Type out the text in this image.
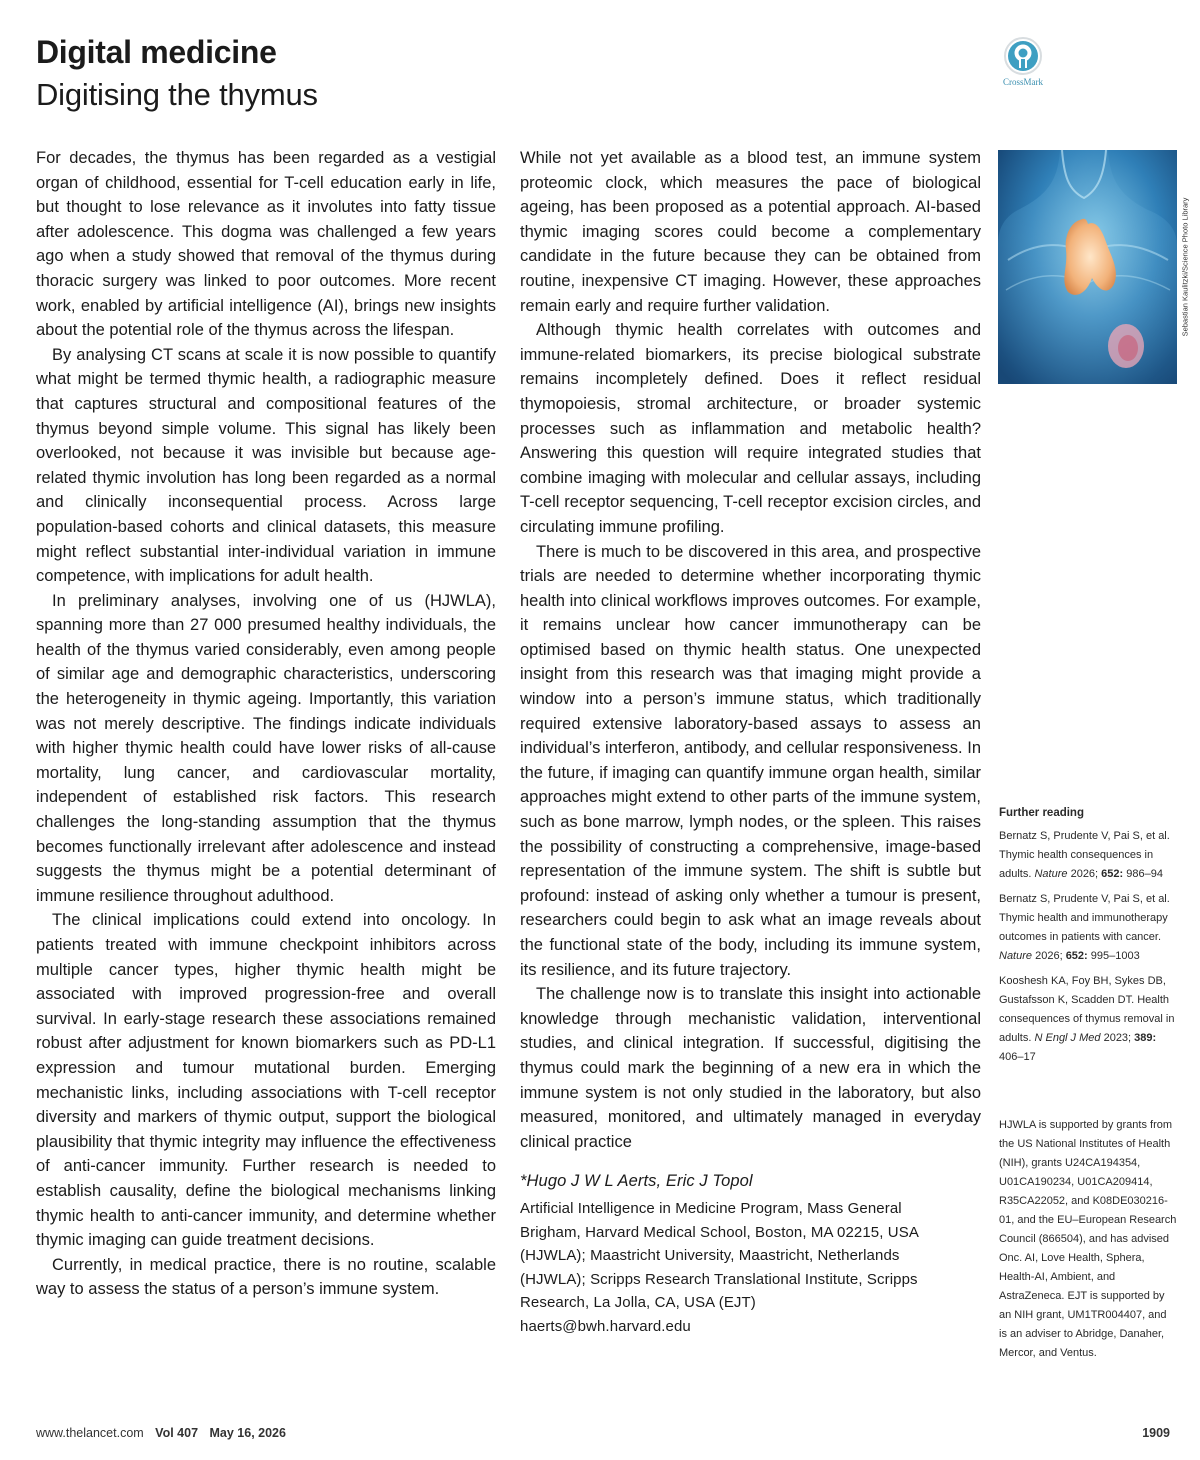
Digital medicine
Digitising the thymus	CrossMark

For decades, the thymus has been regarded as a vestigial organ of childhood, essential for T-cell education early in life, but thought to lose relevance as it involutes into fatty tissue after adolescence. This dogma was challenged a few years ago when a study showed that removal of the thymus during thoracic surgery was linked to poor outcomes. More recent work, enabled by artificial intelligence (AI), brings new insights about the potential role of the thymus across the lifespan.

By analysing CT scans at scale it is now possible to quantify what might be termed thymic health, a radiographic measure that captures structural and compositional features of the thymus beyond simple volume. This signal has likely been overlooked, not because it was invisible but because age-related thymic involution has long been regarded as a normal and clinically inconsequential process. Across large population-based cohorts and clinical datasets, this measure might reflect substantial inter-individual variation in immune competence, with implications for adult health.

In preliminary analyses, involving one of us (HJWLA), spanning more than 27 000 presumed healthy individuals, the health of the thymus varied considerably, even among people of similar age and demographic characteristics, underscoring the heterogeneity in thymic ageing. Importantly, this variation was not merely descriptive. The findings indicate individuals with higher thymic health could have lower risks of all-cause mortality, lung cancer, and cardiovascular mortality, independent of established risk factors. This research challenges the long-standing assumption that the thymus becomes functionally irrelevant after adolescence and instead suggests the thymus might be a potential determinant of immune resilience throughout adulthood.

The clinical implications could extend into oncology. In patients treated with immune checkpoint inhibitors across multiple cancer types, higher thymic health might be associated with improved progression-free and overall survival. In early-stage research these associations remained robust after adjustment for known biomarkers such as PD-L1 expression and tumour mutational burden. Emerging mechanistic links, including associations with T-cell receptor diversity and markers of thymic output, support the biological plausibility that thymic integrity may influence the effectiveness of anti-cancer immunity. Further research is needed to establish causality, define the biological mechanisms linking thymic health to anti-cancer immunity, and determine whether thymic imaging can guide treatment decisions.

Currently, in medical practice, there is no routine, scalable way to assess the status of a person’s immune system.

While not yet available as a blood test, an immune system proteomic clock, which measures the pace of biological ageing, has been proposed as a potential approach. AI-based thymic imaging scores could become a complementary candidate in the future because they can be obtained from routine, inexpensive CT imaging. However, these approaches remain early and require further validation.

Although thymic health correlates with outcomes and immune-related biomarkers, its precise biological substrate remains incompletely defined. Does it reflect residual thymopoiesis, stromal architecture, or broader systemic processes such as inflammation and metabolic health? Answering this question will require integrated studies that combine imaging with molecular and cellular assays, including T-cell receptor sequencing, T-cell receptor excision circles, and circulating immune profiling.

There is much to be discovered in this area, and prospective trials are needed to determine whether incorporating thymic health into clinical workflows improves outcomes. For example, it remains unclear how cancer immunotherapy can be optimised based on thymic health status. One unexpected insight from this research was that imaging might provide a window into a person’s immune status, which traditionally required extensive laboratory-based assays to assess an individual’s interferon, antibody, and cellular responsiveness. In the future, if imaging can quantify immune organ health, similar approaches might extend to other parts of the immune system, such as bone marrow, lymph nodes, or the spleen. This raises the possibility of constructing a comprehensive, image-based representation of the immune system. The shift is subtle but profound: instead of asking only whether a tumour is present, researchers could begin to ask what an image reveals about the functional state of the body, including its immune system, its resilience, and its future trajectory.

The challenge now is to translate this insight into actionable knowledge through mechanistic validation, interventional studies, and clinical integration. If successful, digitising the thymus could mark the beginning of a new era in which the immune system is not only studied in the laboratory, but also measured, monitored, and ultimately managed in everyday clinical practice

*Hugo J W L Aerts, Eric J Topol
Artificial Intelligence in Medicine Program, Mass General
Brigham, Harvard Medical School, Boston, MA 02215, USA
(HJWLA); Maastricht University, Maastricht, Netherlands
(HJWLA); Scripps Research Translational Institute, Scripps
Research, La Jolla, CA, USA (EJT)
haerts@bwh.harvard.edu
Sebastian Kaulitzki/Science Photo Library
Further reading
Bernatz S, Prudente V, Pai S, et al. Thymic health consequences in adults. Nature 2026; 652: 986–94
Bernatz S, Prudente V, Pai S, et al. Thymic health and immunotherapy outcomes in patients with cancer. Nature 2026; 652: 995–1003
Kooshesh KA, Foy BH, Sykes DB, Gustafsson K, Scadden DT. Health consequences of thymus removal in adults. N Engl J Med 2023; 389: 406–17
HJWLA is supported by grants from the US National Institutes of Health (NIH), grants U24CA194354, U01CA190234, U01CA209414, R35CA22052, and K08DE030216-01, and the EU–European Research Council (866504), and has advised Onc. AI, Love Health, Sphera, Health-AI, Ambient, and AstraZeneca. EJT is supported by an NIH grant, UM1TR004407, and is an adviser to Abridge, Danaher, Mercor, and Ventus.
www.thelancet.com Vol 407 May 16, 2026	1909
